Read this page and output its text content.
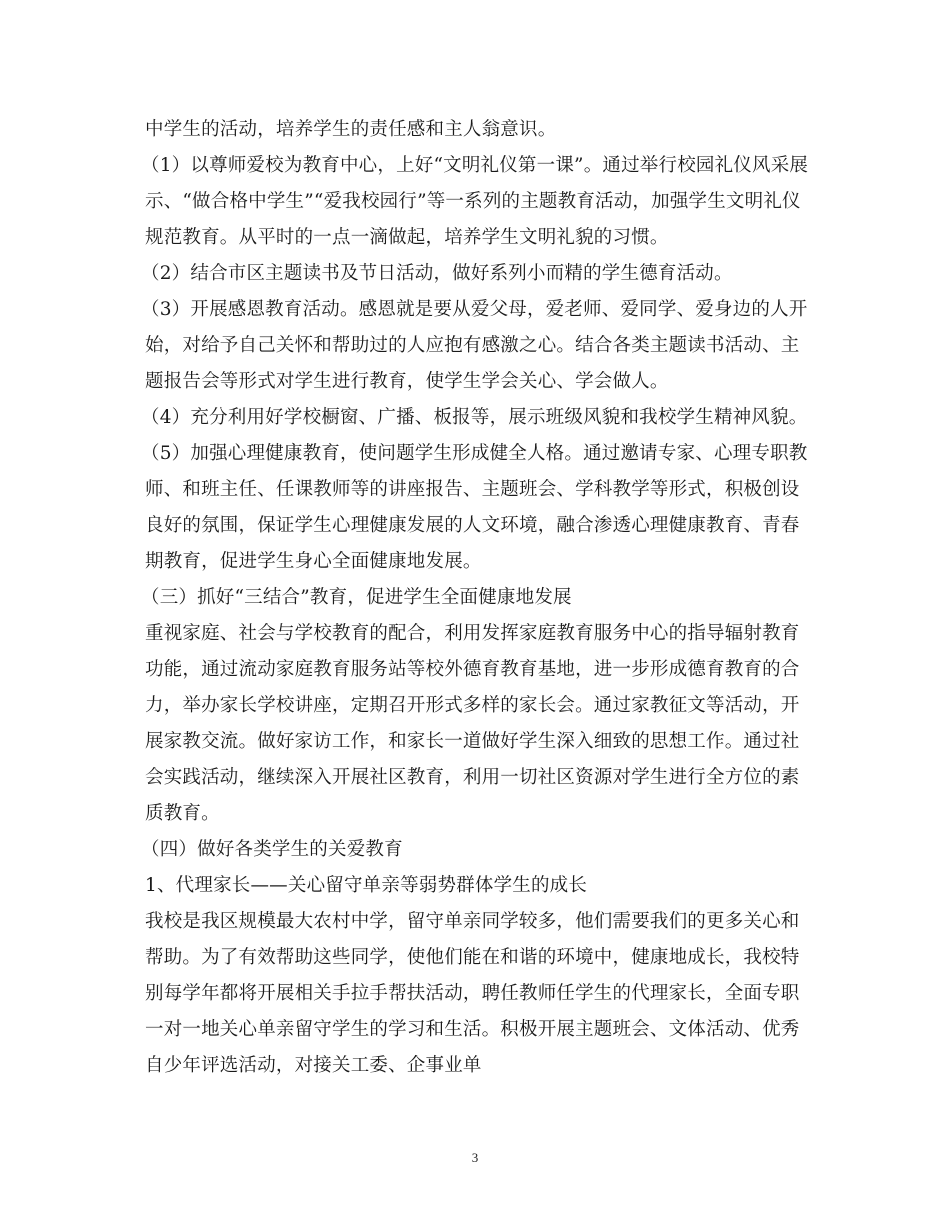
中学生的活动，培养学生的责任感和主人翁意识。
（1）以尊师爱校为教育中心，上好“文明礼仪第一课”。通过举行校园礼仪风采展
示、“做合格中学生”“爱我校园行”等一系列的主题教育活动，加强学生文明礼仪
规范教育。从平时的一点一滴做起，培养学生文明礼貌的习惯。
（2）结合市区主题读书及节日活动，做好系列小而精的学生德育活动。
（3）开展感恩教育活动。感恩就是要从爱父母，爱老师、爱同学、爱身边的人开
始，对给予自己关怀和帮助过的人应抱有感激之心。结合各类主题读书活动、主
题报告会等形式对学生进行教育，使学生学会关心、学会做人。
（4）充分利用好学校橱窗、广播、板报等，展示班级风貌和我校学生精神风貌。
（5）加强心理健康教育，使问题学生形成健全人格。通过邀请专家、心理专职教
师、和班主任、任课教师等的讲座报告、主题班会、学科教学等形式，积极创设
良好的氛围，保证学生心理健康发展的人文环境，融合渗透心理健康教育、青春
期教育，促进学生身心全面健康地发展。
（三）抓好“三结合”教育，促进学生全面健康地发展
重视家庭、社会与学校教育的配合，利用发挥家庭教育服务中心的指导辐射教育
功能，通过流动家庭教育服务站等校外德育教育基地，进一步形成德育教育的合
力，举办家长学校讲座，定期召开形式多样的家长会。通过家教征文等活动，开
展家教交流。做好家访工作，和家长一道做好学生深入细致的思想工作。通过社
会实践活动，继续深入开展社区教育，利用一切社区资源对学生进行全方位的素
质教育。
（四）做好各类学生的关爱教育
1、代理家长——关心留守单亲等弱势群体学生的成长
我校是我区规模最大农村中学，留守单亲同学较多，他们需要我们的更多关心和
帮助。为了有效帮助这些同学，使他们能在和谐的环境中，健康地成长，我校特
别每学年都将开展相关手拉手帮扶活动，聘任教师任学生的代理家长，全面专职
一对一地关心单亲留守学生的学习和生活。积极开展主题班会、文体活动、优秀
自少年评选活动，对接关工委、企事业单
3
